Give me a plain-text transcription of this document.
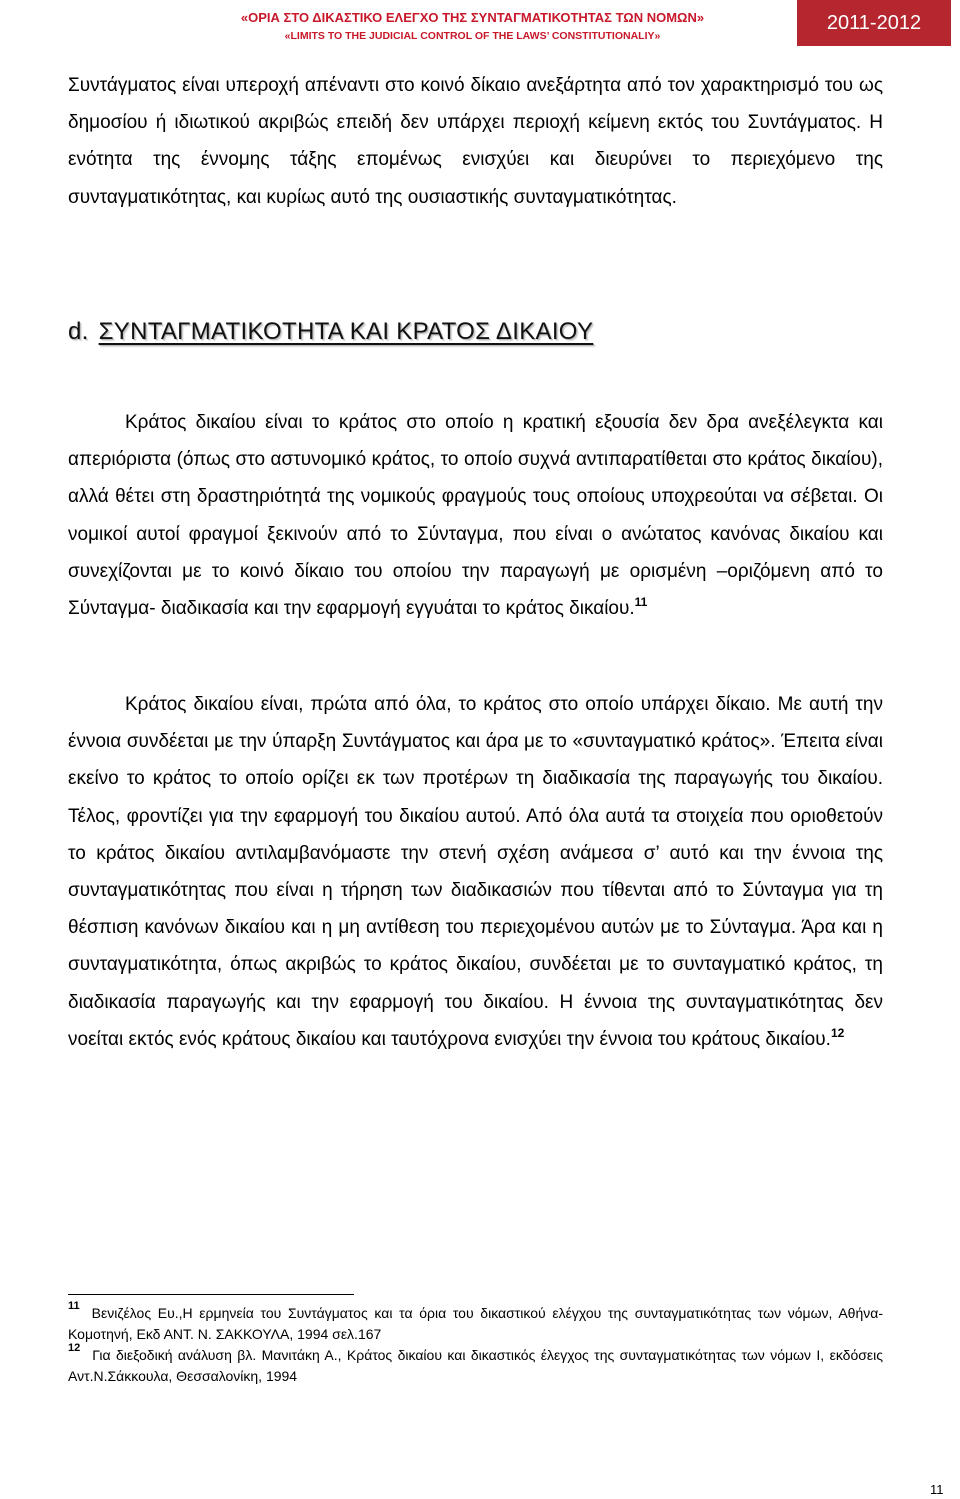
«ΟΡΙΑ ΣΤΟ ΔΙΚΑΣΤΙΚΟ ΕΛΕΓΧΟ ΤΗΣ ΣΥΝΤΑΓΜΑΤΙΚΟΤΗΤΑΣ ΤΩΝ ΝΟΜΩΝ»
«LIMITS TO THE JUDICIAL CONTROL OF THE LAWS’ CONSTITUTIONALIY»
2011-2012
Συντάγματος είναι υπεροχή απέναντι στο κοινό δίκαιο ανεξάρτητα από τον χαρακτηρισμό του ως δημοσίου ή ιδιωτικού ακριβώς επειδή δεν υπάρχει περιοχή κείμενη εκτός του Συντάγματος. Η ενότητα της έννομης τάξης επομένως ενισχύει και διευρύνει το περιεχόμενο της συνταγματικότητας, και κυρίως αυτό της ουσιαστικής συνταγματικότητας.
d. ΣΥΝΤΑΓΜΑΤΙΚΟΤΗΤΑ ΚΑΙ ΚΡΑΤΟΣ ΔΙΚΑΙΟΥ
Κράτος δικαίου είναι το κράτος στο οποίο η κρατική εξουσία δεν δρα ανεξέλεγκτα και απεριόριστα (όπως στο αστυνομικό κράτος, το οποίο συχνά αντιπαρατίθεται στο κράτος δικαίου), αλλά θέτει στη δραστηριότητά της νομικούς φραγμούς τους οποίους υποχρεούται να σέβεται. Οι νομικοί αυτοί φραγμοί ξεκινούν από το Σύνταγμα, που είναι ο ανώτατος κανόνας δικαίου και συνεχίζονται με το κοινό δίκαιο του οποίου την παραγωγή με ορισμένη –οριζόμενη από το Σύνταγμα- διαδικασία και την εφαρμογή εγγυάται το κράτος δικαίου.$^{11}$
Κράτος δικαίου είναι, πρώτα από όλα, το κράτος στο οποίο υπάρχει δίκαιο. Με αυτή την έννοια συνδέεται με την ύπαρξη Συντάγματος και άρα με το «συνταγματικό κράτος». Έπειτα είναι εκείνο το κράτος το οποίο ορίζει εκ των προτέρων τη διαδικασία της παραγωγής του δικαίου. Τέλος, φροντίζει για την εφαρμογή του δικαίου αυτού. Από όλα αυτά τα στοιχεία που οριοθετούν το κράτος δικαίου αντιλαμβανόμαστε την στενή σχέση ανάμεσα σ’ αυτό και την έννοια της συνταγματικότητας που είναι η τήρηση των διαδικασιών που τίθενται από το Σύνταγμα για τη θέσπιση κανόνων δικαίου και η μη αντίθεση του περιεχομένου αυτών με το Σύνταγμα. Άρα και η συνταγματικότητα, όπως ακριβώς το κράτος δικαίου, συνδέεται με το συνταγματικό κράτος, τη διαδικασία παραγωγής και την εφαρμογή του δικαίου. Η έννοια της συνταγματικότητας δεν νοείται εκτός ενός κράτους δικαίου και ταυτόχρονα ενισχύει την έννοια του κράτους δικαίου.$^{12}$
$^{11}$ Βενιζέλος Ευ.,Η ερμηνεία του Συντάγματος και τα όρια του δικαστικού ελέγχου της συνταγματικότητας των νόμων, Αθήνα-Κομοτηνή, Εκδ ΑΝΤ. Ν. ΣΑΚΚΟΥΛΑ, 1994 σελ.167
$^{12}$ Για διεξοδική ανάλυση βλ. Μανιτάκη Α., Κράτος δικαίου και δικαστικός έλεγχος της συνταγματικότητας των νόμων Ι, εκδόσεις Αντ.Ν.Σάκκουλα, Θεσσαλονίκη, 1994
11
